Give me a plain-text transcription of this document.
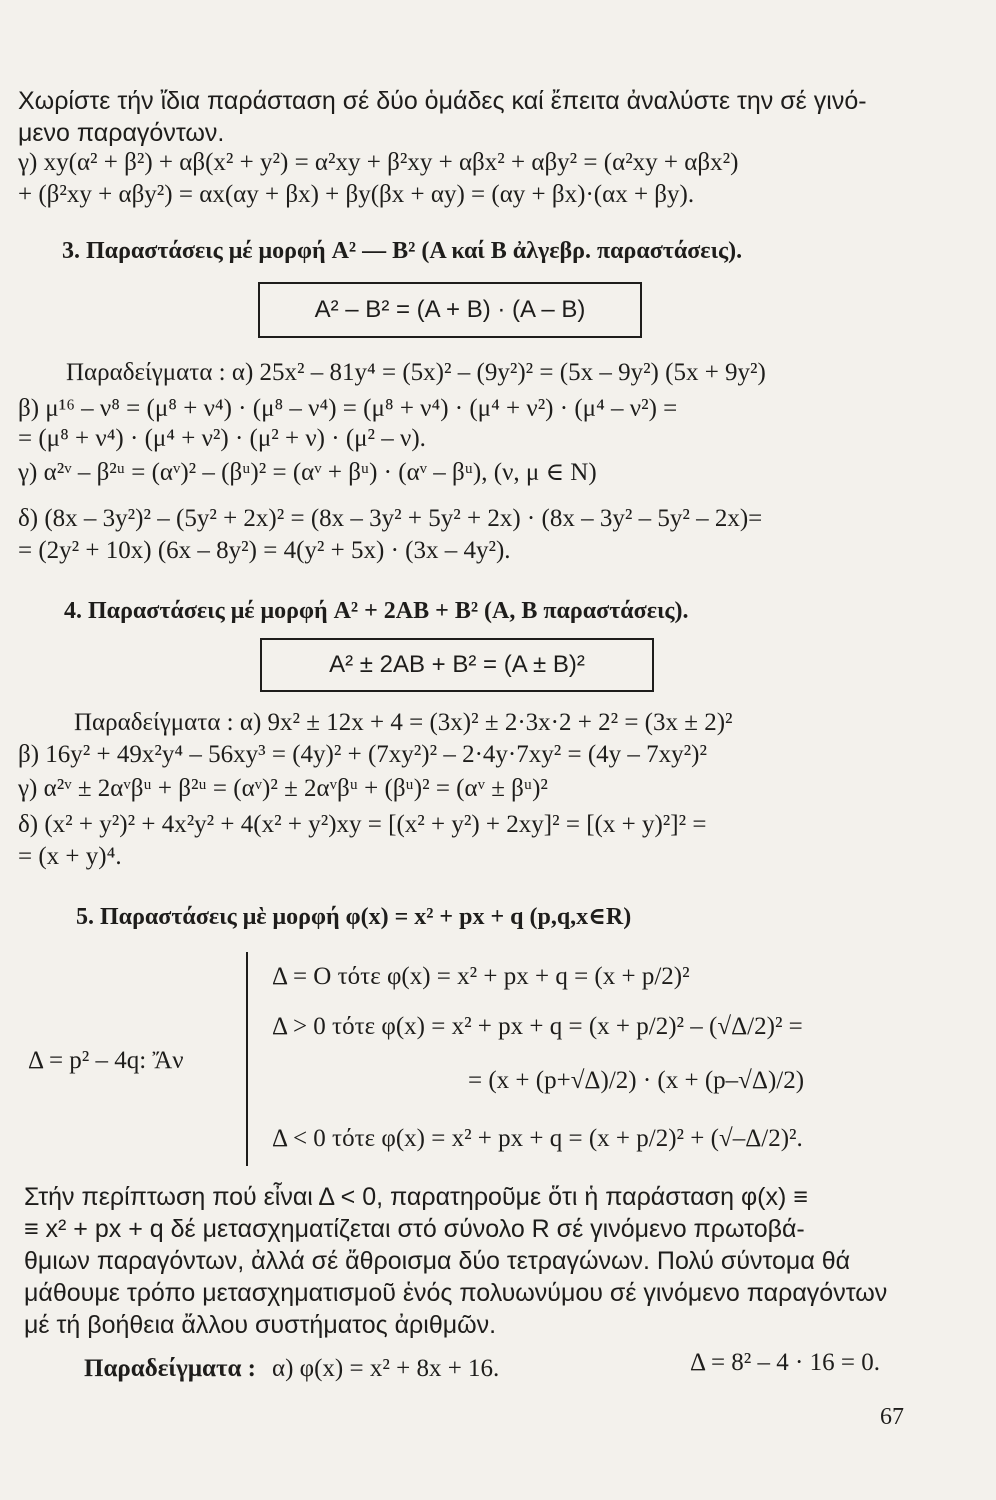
Χωρίστε τήν ἴδια παράσταση σέ δύο ὁμάδες καί ἔπειτα ἀναλύστε την σέ γινό-
μενο παραγόντων.
γ) xy(α² + β²) + αβ(x² + y²) = α²xy + β²xy + αβx² + αβy² = (α²xy + αβx²)
+ (β²xy + αβy²) = αx(αy + βx) + βy(βx + αy) = (αy + βx)·(αx + βy).
3. Παραστάσεις μέ μορφή A² — B² (A καί B ἀλγεβρ. παραστάσεις).
A² – B² = (A + B) · (A – B)
Παραδείγματα : α) 25x² – 81y⁴ = (5x)² – (9y²)² = (5x – 9y²) (5x + 9y²)
β) μ¹⁶ – ν⁸ = (μ⁸ + ν⁴) · (μ⁸ – ν⁴) = (μ⁸ + ν⁴) · (μ⁴ + ν²) · (μ⁴ – ν²) =
= (μ⁸ + ν⁴) · (μ⁴ + ν²) · (μ² + ν) · (μ² – ν).
γ) α²ᵛ – β²ᵘ = (αᵛ)² – (βᵘ)² = (αᵛ + βᵘ) · (αᵛ – βᵘ), (ν, μ ∈ N)
δ) (8x – 3y²)² – (5y² + 2x)² = (8x – 3y² + 5y² + 2x) · (8x – 3y² – 5y² – 2x)=
= (2y² + 10x) (6x – 8y²) = 4(y² + 5x) · (3x – 4y²).
4. Παραστάσεις μέ μορφή A² + 2AB + B² (A, B παραστάσεις).
A² ± 2AB + B² = (A ± B)²
Παραδείγματα : α) 9x² ± 12x + 4 = (3x)² ± 2·3x·2 + 2² = (3x ± 2)²
β) 16y² + 49x²y⁴ – 56xy³ = (4y)² + (7xy²)² – 2·4y·7xy² = (4y – 7xy²)²
γ) α²ᵛ ± 2αᵛβᵘ + β²ᵘ = (αᵛ)² ± 2αᵛβᵘ + (βᵘ)² = (αᵛ ± βᵘ)²
δ) (x² + y²)² + 4x²y² + 4(x² + y²)xy = [(x² + y²) + 2xy]² = [(x + y)²]² =
= (x + y)⁴.
5. Παραστάσεις μὲ μορφή φ(x) = x² + px + q (p,q,x∈R)
Δ = p² – 4q: Ἄν
Δ = O τότε φ(x) = x² + px + q = (x + p/2)²
Δ > 0 τότε φ(x) = x² + px + q = (x + p/2)² – (√Δ/2)² =
= (x + (p+√Δ)/2) · (x + (p–√Δ)/2)
Δ < 0 τότε φ(x) = x² + px + q = (x + p/2)² + (√–Δ/2)².
Στήν περίπτωση πού εἶναι Δ < 0, παρατηροῦμε ὅτι ἡ παράσταση φ(x) ≡
≡ x² + px + q δέ μετασχηματίζεται στό σύνολο R σέ γινόμενο πρωτοβά-
θμιων παραγόντων, ἀλλά σέ ἄθροισμα δύο τετραγώνων. Πολύ σύντομα θά
μάθουμε τρόπο μετασχηματισμοῦ ἑνός πολυωνύμου σέ γινόμενο παραγόντων
μέ τή βοήθεια ἄλλου συστήματος ἀριθμῶν.
Παραδείγματα : α) φ(x) = x² + 8x + 16.	Δ = 8² – 4 · 16 = 0.
67
